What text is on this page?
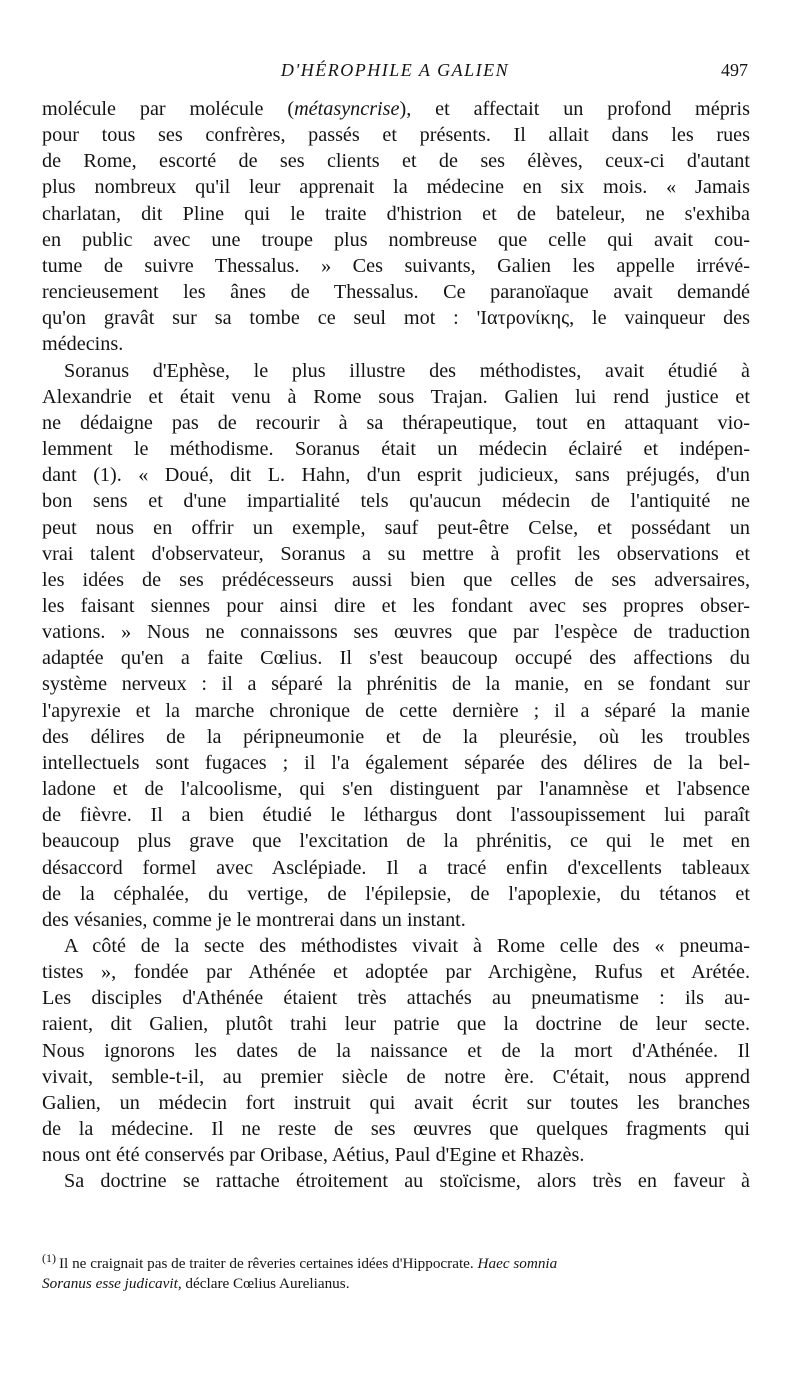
D'HÉROPHILE A GALIEN	497
molécule par molécule (métasyncrise), et affectait un profond mépris
pour tous ses confrères, passés et présents. Il allait dans les rues
de Rome, escorté de ses clients et de ses élèves, ceux-ci d'autant
plus nombreux qu'il leur apprenait la médecine en six mois. « Jamais
charlatan, dit Pline qui le traite d'histrion et de bateleur, ne s'exhiba
en public avec une troupe plus nombreuse que celle qui avait cou-
tume de suivre Thessalus. » Ces suivants, Galien les appelle irrévé-
rencieusement les ânes de Thessalus. Ce paranoïaque avait demandé
qu'on gravât sur sa tombe ce seul mot : 'Ιατρονίκης, le vainqueur des
médecins.
Soranus d'Ephèse, le plus illustre des méthodistes, avait étudié à
Alexandrie et était venu à Rome sous Trajan. Galien lui rend justice et
ne dédaigne pas de recourir à sa thérapeutique, tout en attaquant vio-
lemment le méthodisme. Soranus était un médecin éclairé et indépen-
dant (1). « Doué, dit L. Hahn, d'un esprit judicieux, sans préjugés, d'un
bon sens et d'une impartialité tels qu'aucun médecin de l'antiquité ne
peut nous en offrir un exemple, sauf peut-être Celse, et possédant un
vrai talent d'observateur, Soranus a su mettre à profit les observations et
les idées de ses prédécesseurs aussi bien que celles de ses adversaires,
les faisant siennes pour ainsi dire et les fondant avec ses propres obser-
vations. » Nous ne connaissons ses œuvres que par l'espèce de traduction
adaptée qu'en a faite Cœlius. Il s'est beaucoup occupé des affections du
système nerveux : il a séparé la phrénitis de la manie, en se fondant sur
l'apyrexie et la marche chronique de cette dernière ; il a séparé la manie
des délires de la péripneumonie et de la pleurésie, où les troubles
intellectuels sont fugaces ; il l'a également séparée des délires de la bel-
ladone et de l'alcoolisme, qui s'en distinguent par l'anamnèse et l'absence
de fièvre. Il a bien étudié le léthargus dont l'assoupissement lui paraît
beaucoup plus grave que l'excitation de la phrénitis, ce qui le met en
désaccord formel avec Asclépiade. Il a tracé enfin d'excellents tableaux
de la céphalée, du vertige, de l'épilepsie, de l'apoplexie, du tétanos et
des vésanies, comme je le montrerai dans un instant.
A côté de la secte des méthodistes vivait à Rome celle des « pneuma-
tistes », fondée par Athénée et adoptée par Archigène, Rufus et Arétée.
Les disciples d'Athénée étaient très attachés au pneumatisme : ils au-
raient, dit Galien, plutôt trahi leur patrie que la doctrine de leur secte.
Nous ignorons les dates de la naissance et de la mort d'Athénée. Il
vivait, semble-t-il, au premier siècle de notre ère. C'était, nous apprend
Galien, un médecin fort instruit qui avait écrit sur toutes les branches
de la médecine. Il ne reste de ses œuvres que quelques fragments qui
nous ont été conservés par Oribase, Aétius, Paul d'Egine et Rhazès.
Sa doctrine se rattache étroitement au stoïcisme, alors très en faveur à
$^{(1)}$ Il ne craignait pas de traiter de rêveries certaines idées d'Hippocrate. Haec somnia
Soranus esse judicavit, déclare Cœlius Aurelianus.
